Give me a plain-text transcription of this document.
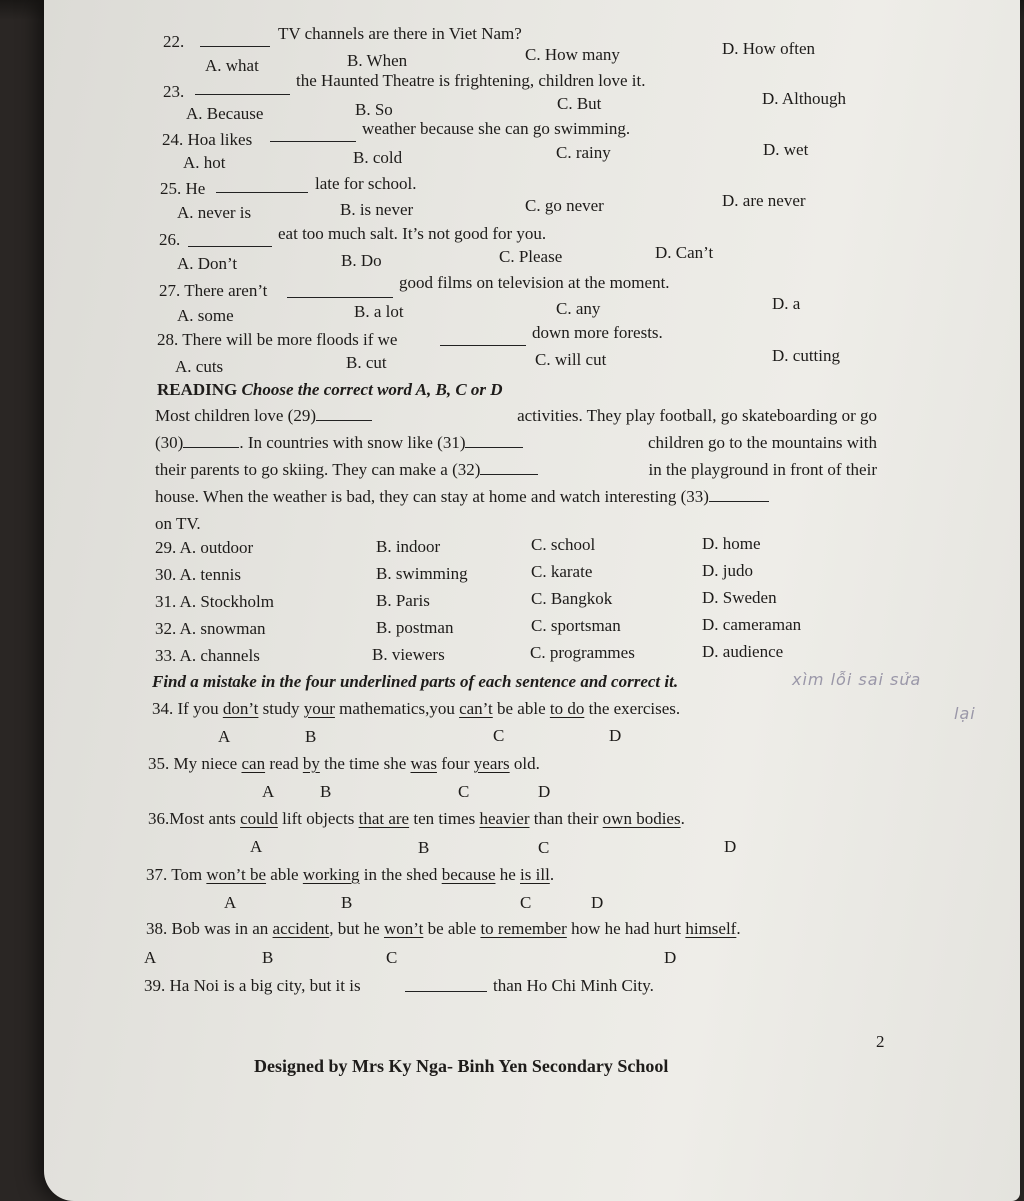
22.	TV channels are there in Viet Nam?
A. what	B. When	C. How many	D. How often
23.
the Haunted Theatre is frightening, children love it.
A. Because	B. So	C. But	D. Although
24. Hoa likes
weather because she can go swimming.
A. hot	B. cold	C. rainy	D. wet
25. He	late for school.
A. never is	B. is never	C. go never	D. are never
26.	eat too much salt. It’s not good for you.
A. Don’t	B. Do	C. Please	D. Can’t
27. There aren’t	good films on television at the moment.
A. some	B. a lot	C. any	D. a
28. There will be more floods if we	down more forests.
A. cuts	B. cut	C. will cut	D. cutting
READING Choose the correct word A, B, C or D
Most children love (29)	activities. They play football, go skateboarding or go
(30)	. In countries with snow like (31)	children go to the mountains with
their parents to go skiing. They can make a (32)	in the playground in front of their
house. When the weather is bad, they can stay at home and watch interesting (33)
on TV.
29. A. outdoor	B. indoor	C. school	D. home
30. A. tennis	B. swimming	C. karate	D. judo
31. A. Stockholm	B. Paris	C. Bangkok	D. Sweden
32. A. snowman	B. postman	C. sportsman	D. cameraman
33. A. channels	B. viewers	C. programmes	D. audience
Find a mistake in the four underlined parts of each sentence and correct it.	xìm lỗi sai sửa
lại
34. If you don’t study your mathematics,you can’t be able to do the exercises.
A	B	C	D
35. My niece can read by the time she was four years old.
A	B	C	D
36.Most ants could lift objects that are ten times heavier than their own bodies.
A	B	C	D
37. Tom won’t be able working in the shed because he is ill.
A	B	C	D
38. Bob was in an accident, but he won’t be able to remember how he had hurt himself.
A	B	C	D
39. Ha Noi is a big city, but it is	than Ho Chi Minh City.
2
Designed by Mrs Ky Nga- Binh Yen Secondary School
